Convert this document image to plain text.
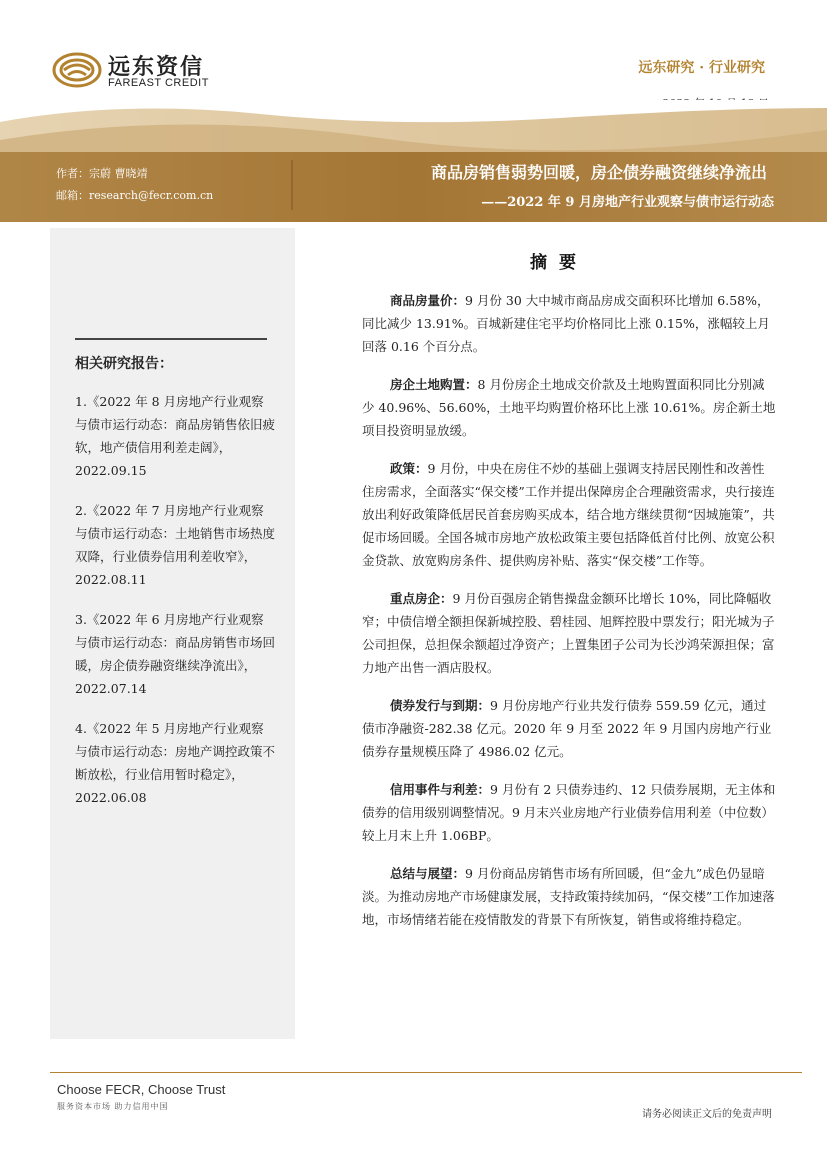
远东资信
FAREAST CREDIT
远东研究 · 行业研究
作者：宗蔚 曹晓靖
邮箱：research@fecr.com.cn
商品房销售弱势回暖，房企债券融资继续净流出
——2022 年 9 月房地产行业观察与债市运行动态
相关研究报告：

1.《2022 年 8 月房地产行业观察与债市运行动态：商品房销售依旧疲软，地产债信用利差走阔》，2022.09.15

2.《2022 年 7 月房地产行业观察与债市运行动态：土地销售市场热度双降，行业债券信用利差收窄》，2022.08.11

3.《2022 年 6 月房地产行业观察与债市运行动态：商品房销售市场回暖，房企债券融资继续净流出》，2022.07.14

4.《2022 年 5 月房地产行业观察与债市运行动态：房地产调控政策不断放松，行业信用暂时稳定》，2022.06.08

摘要

商品房量价：9 月份 30 大中城市商品房成交面积环比增加 6.58%，同比减少 13.91%。百城新建住宅平均价格同比上涨 0.15%，涨幅较上月回落 0.16 个百分点。

房企土地购置：8 月份房企土地成交价款及土地购置面积同比分别减少 40.96%、56.60%，土地平均购置价格环比上涨 10.61%。房企新土地项目投资明显放缓。

政策：9 月份，中央在房住不炒的基础上强调支持居民刚性和改善性住房需求，全面落实“保交楼”工作并提出保障房企合理融资需求，央行接连放出利好政策降低居民首套房购买成本，结合地方继续贯彻“因城施策”，共促市场回暖。全国各城市房地产放松政策主要包括降低首付比例、放宽公积金贷款、放宽购房条件、提供购房补贴、落实“保交楼”工作等。

重点房企：9 月份百强房企销售操盘金额环比增长 10%，同比降幅收窄；中债信增全额担保新城控股、碧桂园、旭辉控股中票发行；阳光城为子公司担保，总担保余额超过净资产；上置集团子公司为长沙鸿荣源担保；富力地产出售一酒店股权。

债券发行与到期：9 月份房地产行业共发行债券 559.59 亿元，通过债市净融资-282.38 亿元。2020 年 9 月至 2022 年 9 月国内房地产行业债券存量规模压降了 4986.02 亿元。

信用事件与利差：9 月份有 2 只债券违约、12 只债券展期，无主体和债券的信用级别调整情况。9 月末兴业房地产行业债券信用利差（中位数）较上月末上升 1.06BP。

总结与展望：9 月份商品房销售市场有所回暖，但“金九”成色仍显暗淡。为推动房地产市场健康发展，支持政策持续加码，“保交楼”工作加速落地，市场情绪若能在疫情散发的背景下有所恢复，销售或将维持稳定。

Choose FECR, Choose Trust
服务资本市场 助力信用中国
请务必阅读正文后的免责声明
